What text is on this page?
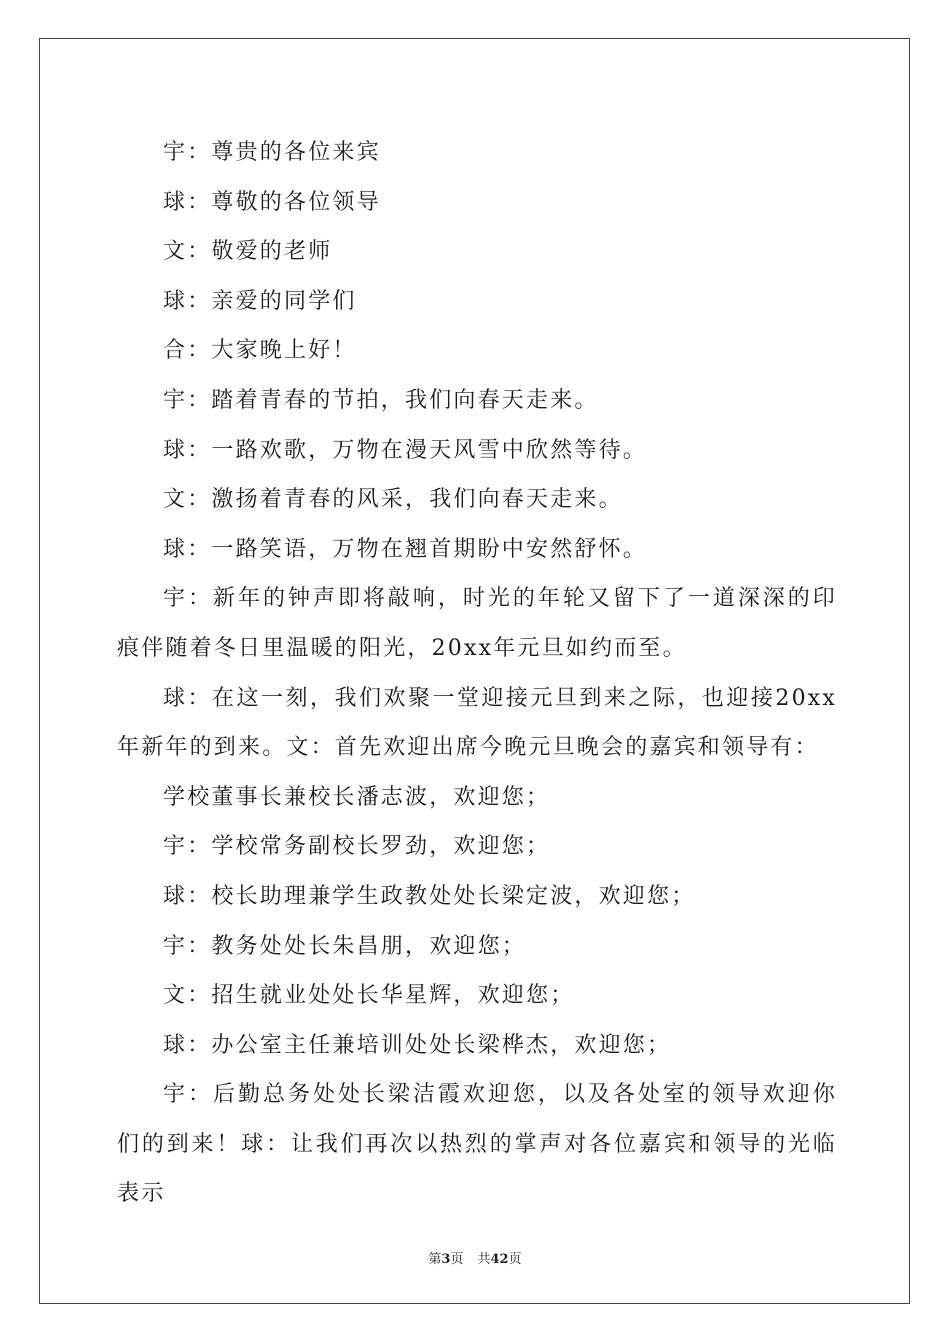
宇：尊贵的各位来宾

球：尊敬的各位领导

文：敬爱的老师

球：亲爱的同学们

合：大家晚上好！

宇：踏着青春的节拍，我们向春天走来。

球：一路欢歌，万物在漫天风雪中欣然等待。

文：激扬着青春的风采，我们向春天走来。

球：一路笑语，万物在翘首期盼中安然舒怀。

宇：新年的钟声即将敲响，时光的年轮又留下了一道深深的印痕伴随着冬日里温暖的阳光，20xx年元旦如约而至。

球：在这一刻，我们欢聚一堂迎接元旦到来之际，也迎接20xx年新年的到来。文：首先欢迎出席今晚元旦晚会的嘉宾和领导有：

学校董事长兼校长潘志波，欢迎您；

宇：学校常务副校长罗劲，欢迎您；

球：校长助理兼学生政教处处长梁定波，欢迎您；

宇：教务处处长朱昌朋，欢迎您；

文：招生就业处处长华星辉，欢迎您；

球：办公室主任兼培训处处长梁桦杰，欢迎您；

宇：后勤总务处处长梁洁霞欢迎您，以及各处室的领导欢迎你们的到来！球：让我们再次以热烈的掌声对各位嘉宾和领导的光临表示

第3页 共42页
